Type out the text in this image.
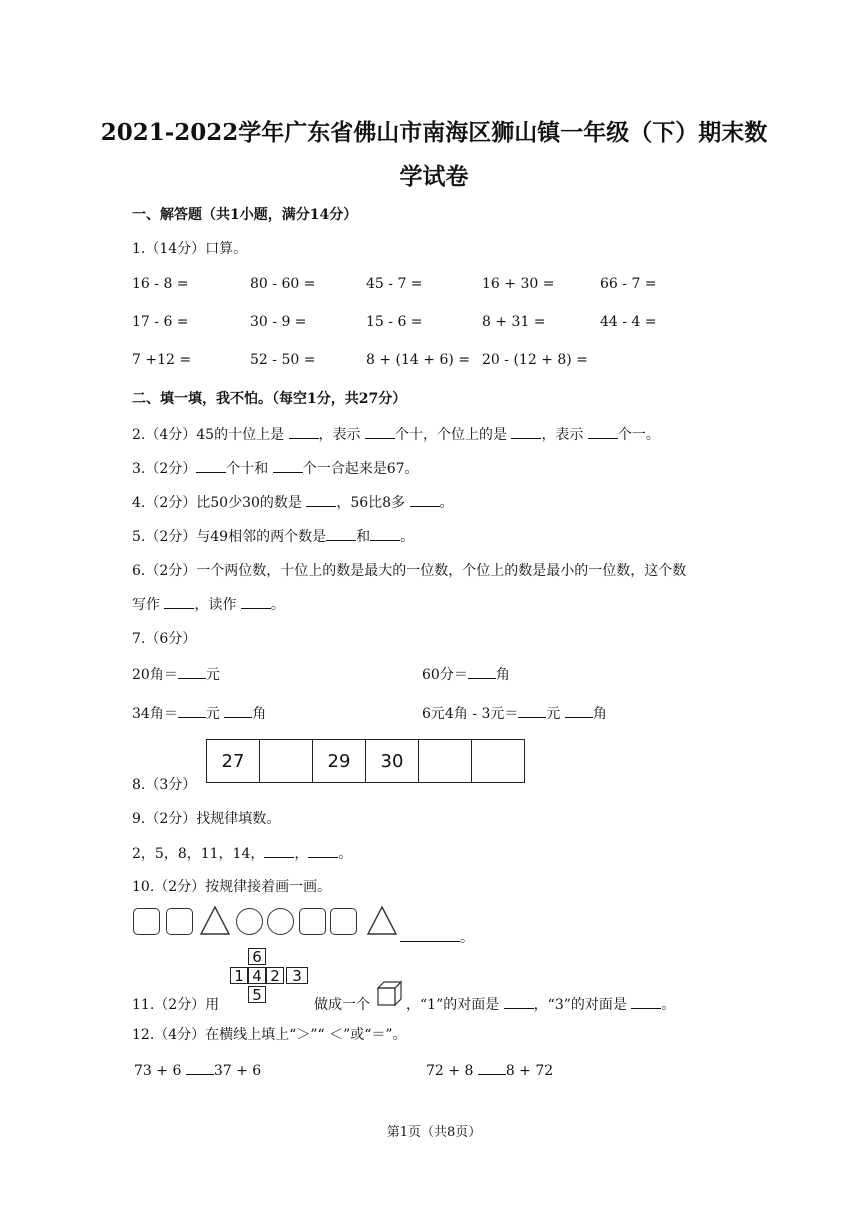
2021-2022学年广东省佛山市南海区狮山镇一年级（下）期末数
学试卷
一、解答题（共1小题，满分14分）
1.（14分）口算。
16 - 8 =	80 - 60 =	45 - 7 =	16 + 30 =	66 - 7 =
17 - 6 =	30 - 9 =	15 - 6 =	8 + 31 =	44 - 4 =
7 +12 =	52 - 50 =	8 + (14 + 6) = 20 - (12 + 8) =
二、填一填，我不怕。（每空1分，共27分）
2.（4分）45的十位上是 ，表示 个十，个位上的是 ，表示 个一。
3.（2分） 个十和 个一合起来是67。
4.（2分）比50少30的数是 ，56比8多 。
5.（2分）与49相邻的两个数是 和 。
6.（2分）一个两位数，十位上的数是最大的一位数，个位上的数是最小的一位数，这个数
写作 ，读作 。
7.（6分）
20角＝ 元	60分＝ 角
34角＝ 元 角	6元4角 - 3元＝ 元 角
27	29	30
8.（3分）
9.（2分）找规律填数。
2，5，8，11，14， ， 。
10.（2分）按规律接着画一画。
。
6
1 4 2 3
5
11.（2分）用	做成一个	，“1”的对面是 ，“3”的对面是 。
12.（4分）在横线上填上“＞”“ ＜”或“＝”。
73 + 6 37 + 6	72 + 8 8 + 72
第1页（共8页）
